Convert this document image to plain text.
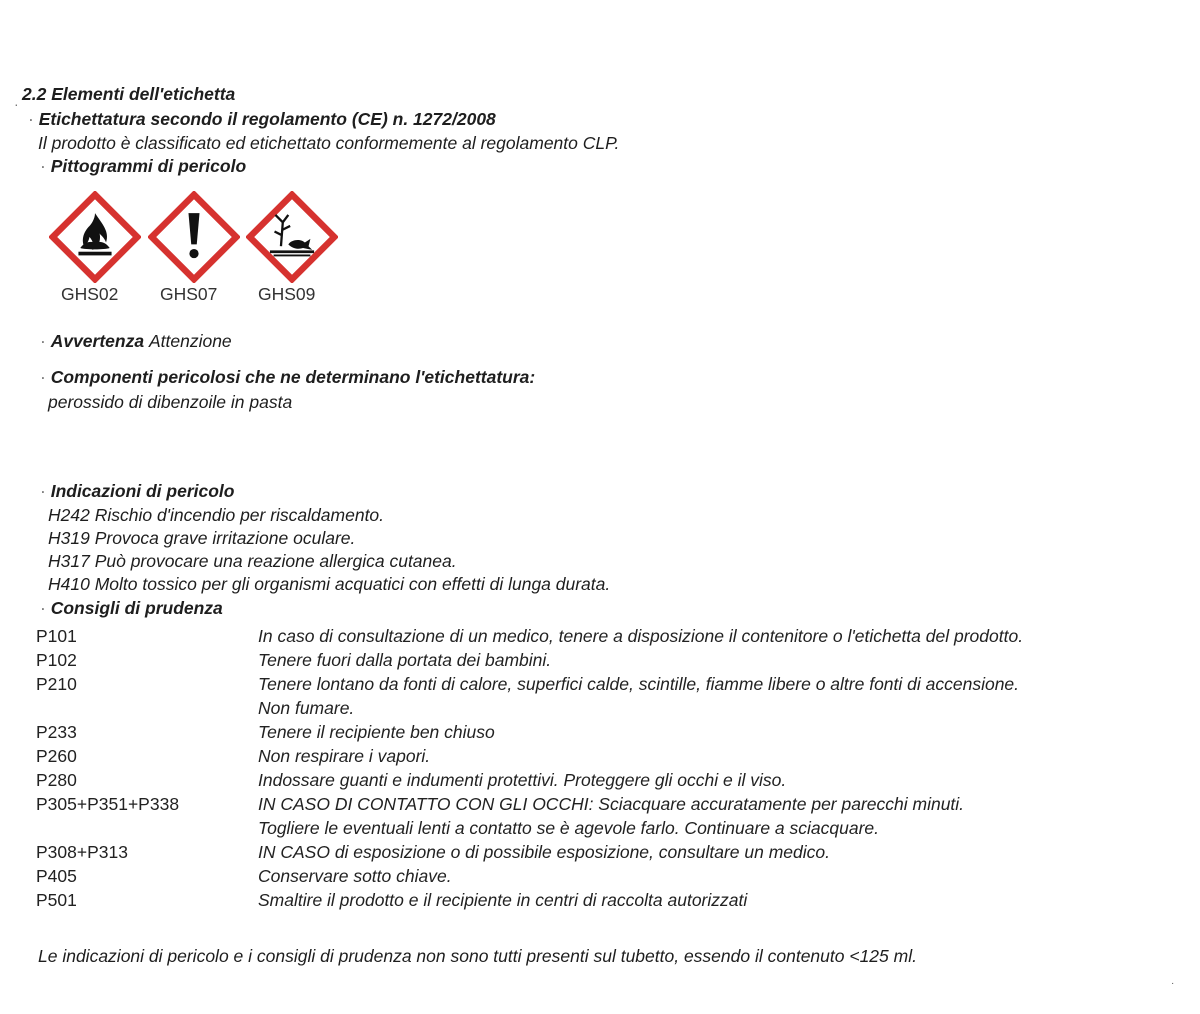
· 2.2 Elementi dell'etichetta
· Etichettatura secondo il regolamento (CE) n. 1272/2008
Il prodotto è classificato ed etichettato conformemente al regolamento CLP.
· Pittogrammi di pericolo
GHS02 GHS07 GHS09
· Avvertenza Attenzione
· Componenti pericolosi che ne determinano l'etichettatura:
perossido di dibenzoile in pasta
· Indicazioni di pericolo
H242 Rischio d'incendio per riscaldamento.
H319 Provoca grave irritazione oculare.
H317 Può provocare una reazione allergica cutanea.
H410 Molto tossico per gli organismi acquatici con effetti di lunga durata.
· Consigli di prudenza
P101	In caso di consultazione di un medico, tenere a disposizione il contenitore o l'etichetta del prodotto.
P102	Tenere fuori dalla portata dei bambini.
P210	Tenere lontano da fonti di calore, superfici calde, scintille, fiamme libere o altre fonti di accensione.
Non fumare.
P233	Tenere il recipiente ben chiuso
P260	Non respirare i vapori.
P280	Indossare guanti e indumenti protettivi. Proteggere gli occhi e il viso.
P305+P351+P338	IN CASO DI CONTATTO CON GLI OCCHI: Sciacquare accuratamente per parecchi minuti.
Togliere le eventuali lenti a contatto se è agevole farlo. Continuare a sciacquare.
P308+P313	IN CASO di esposizione o di possibile esposizione, consultare un medico.
P405	Conservare sotto chiave.
P501	Smaltire il prodotto e il recipiente in centri di raccolta autorizzati
Le indicazioni di pericolo e i consigli di prudenza non sono tutti presenti sul tubetto, essendo il contenuto <125 ml.
·
